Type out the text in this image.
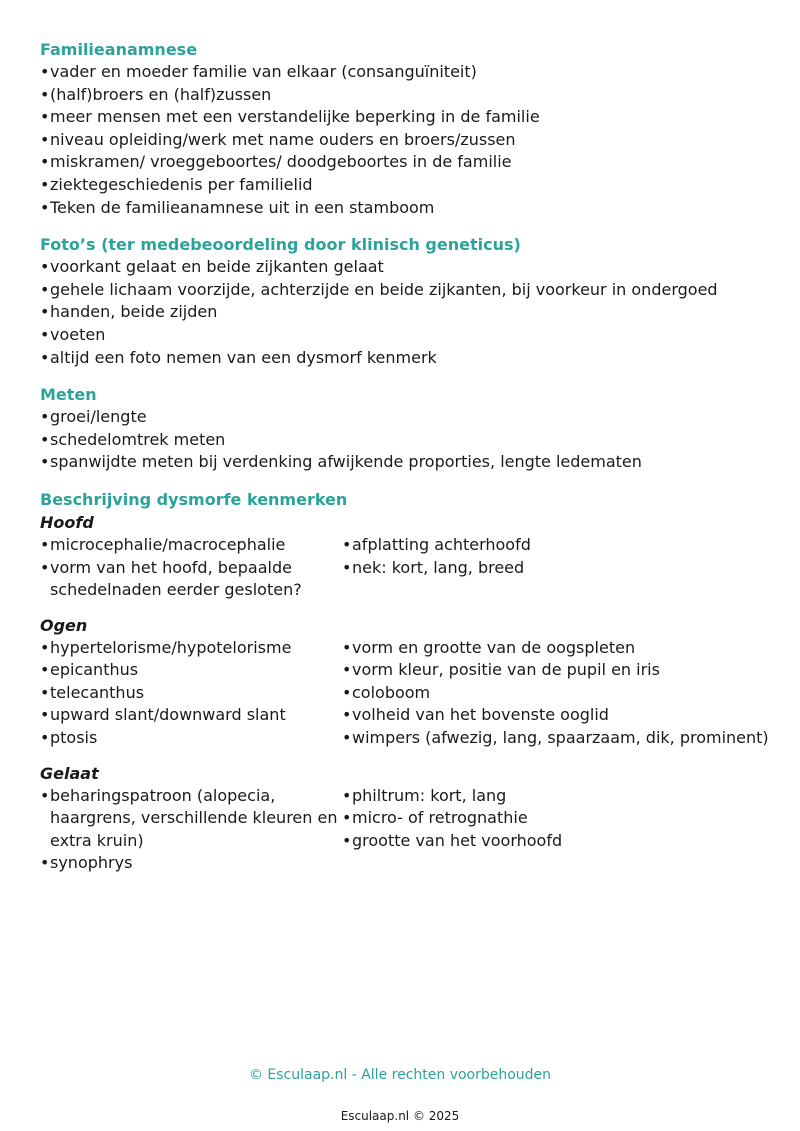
Familieanamnese
•vader en moeder familie van elkaar (consanguïniteit)
•(half)broers en (half)zussen
•meer mensen met een verstandelijke beperking in de familie
•niveau opleiding/werk met name ouders en broers/zussen
•miskramen/ vroeggeboortes/ doodgeboortes in de familie
•ziektegeschiedenis per familielid
•Teken de familieanamnese uit in een stamboom
Foto’s (ter medebeoordeling door klinisch geneticus)
•voorkant gelaat en beide zijkanten gelaat
•gehele lichaam voorzijde, achterzijde en beide zijkanten, bij voorkeur in ondergoed
•handen, beide zijden
•voeten
•altijd een foto nemen van een dysmorf kenmerk
Meten
•groei/lengte
•schedelomtrek meten
•spanwijdte meten bij verdenking afwijkende proporties, lengte ledematen
Beschrijving dysmorfe kenmerken
Hoofd
•microcephalie/macrocephalie
•vorm van het hoofd, bepaalde schedelnaden eerder gesloten?
•afplatting achterhoofd
•nek: kort, lang, breed
Ogen
•hypertelorisme/hypotelorisme
•epicanthus
•telecanthus
•upward slant/downward slant
•ptosis
•vorm en grootte van de oogspleten
•vorm kleur, positie van de pupil en iris
•coloboom
•volheid van het bovenste ooglid
•wimpers (afwezig, lang, spaarzaam, dik, prominent)
Gelaat
•beharingspatroon (alopecia, haargrens, verschillende kleuren en extra kruin)
•synophrys
•philtrum: kort, lang
•micro- of retrognathie
•grootte van het voorhoofd
© Esculaap.nl - Alle rechten voorbehouden
Esculaap.nl © 2025
